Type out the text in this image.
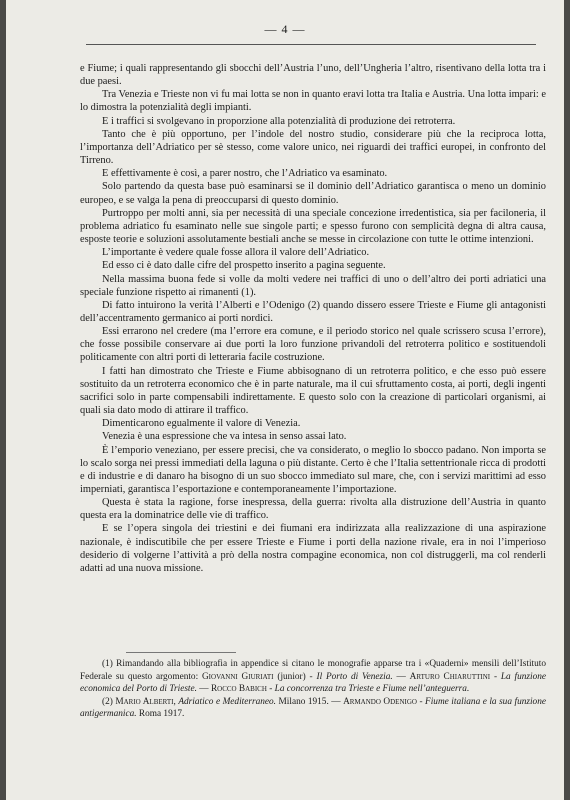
— 4 —

e Fiume; i quali rappresentando gli sbocchi dell’Austria l’uno, dell’Ungheria l’altro, risentivano della lotta tra i due paesi.

Tra Venezia e Trieste non vi fu mai lotta se non in quanto eravi lotta tra Italia e Austria. Una lotta impari: e lo dimostra la potenzialità degli impianti.

E i traffici si svolgevano in proporzione alla potenzialità di produzione dei retroterra.

Tanto che è più opportuno, per l’indole del nostro studio, considerare più che la reciproca lotta, l’importanza dell’Adriatico per sè stesso, come valore unico, nei riguardi dei traffici europei, in confronto del Tirreno.

E effettivamente è così, a parer nostro, che l’Adriatico va esaminato.

Solo partendo da questa base può esaminarsi se il dominio dell’Adriatico garantisca o meno un dominio europeo, e se valga la pena di preoccuparsi di questo dominio.

Purtroppo per molti anni, sia per necessità di una speciale concezione irredentistica, sia per faciloneria, il problema adriatico fu esaminato nelle sue singole parti; e spesso furono con semplicità degna di altra causa, esposte teorie e soluzioni assolutamente bestiali anche se messe in circolazione con tutte le ottime intenzioni.

L’importante è vedere quale fosse allora il valore dell’Adriatico.

Ed esso ci è dato dalle cifre del prospetto inserito a pagina seguente.

Nella massima buona fede si volle da molti vedere nei traffici di uno o dell’altro dei porti adriatici una speciale funzione rispetto ai rimanenti (1).

Di fatto intuirono la verità l’Alberti e l’Odenigo (2) quando dissero essere Trieste e Fiume gli antagonisti dell’accentramento germanico ai porti nordici.

Essi errarono nel credere (ma l’errore era comune, e il periodo storico nel quale scrissero scusa l’errore), che fosse possibile conservare ai due porti la loro funzione privandoli del retroterra politico e sostituendoli politicamente con altri porti di letteraria facile costruzione.

I fatti han dimostrato che Trieste e Fiume abbisognano di un retroterra politico, e che esso può essere sostituito da un retroterra economico che è in parte naturale, ma il cui sfruttamento costa, ai porti, degli ingenti sacrifici solo in parte compensabili indirettamente. E questo solo con la creazione di particolari organismi, ai quali sia dato modo di attirare il traffico.

Dimenticarono egualmente il valore di Venezia.

Venezia è una espressione che va intesa in senso assai lato.

È l’emporio veneziano, per essere precisi, che va considerato, o meglio lo sbocco padano. Non importa se lo scalo sorga nei pressi immediati della laguna o più distante. Certo è che l’Italia settentrionale ricca di prodotti e di industrie e di danaro ha bisogno di un suo sbocco immediato sul mare, che, con i servizi marittimi ad esso imperniati, garantisca l’esportazione e contemporaneamente l’importazione.

Questa è stata la ragione, forse inespressa, della guerra: rivolta alla distruzione dell’Austria in quanto questa era la dominatrice delle vie di traffico.

E se l’opera singola dei triestini e dei fiumani era indirizzata alla realizzazione di una aspirazione nazionale, è indiscutibile che per essere Trieste e Fiume i porti della nazione rivale, era in noi l’imperioso desiderio di volgerne l’attività a prò della nostra compagine economica, non col distruggerli, ma col renderli adatti ad una nuova missione.

(1) Rimandando alla bibliografia in appendice si citano le monografie apparse tra i «Quaderni» mensili dell’Istituto Federale su questo argomento: Giovanni Giuriati (junior) - Il Porto di Venezia. — Arturo Chiaruttini - La funzione economica del Porto di Trieste. — Rocco Babich - La concorrenza tra Trieste e Fiume nell’anteguerra.

(2) Mario Alberti, Adriatico e Mediterraneo. Milano 1915. — Armando Odenigo - Fiume italiana e la sua funzione antigermanica. Roma 1917.
